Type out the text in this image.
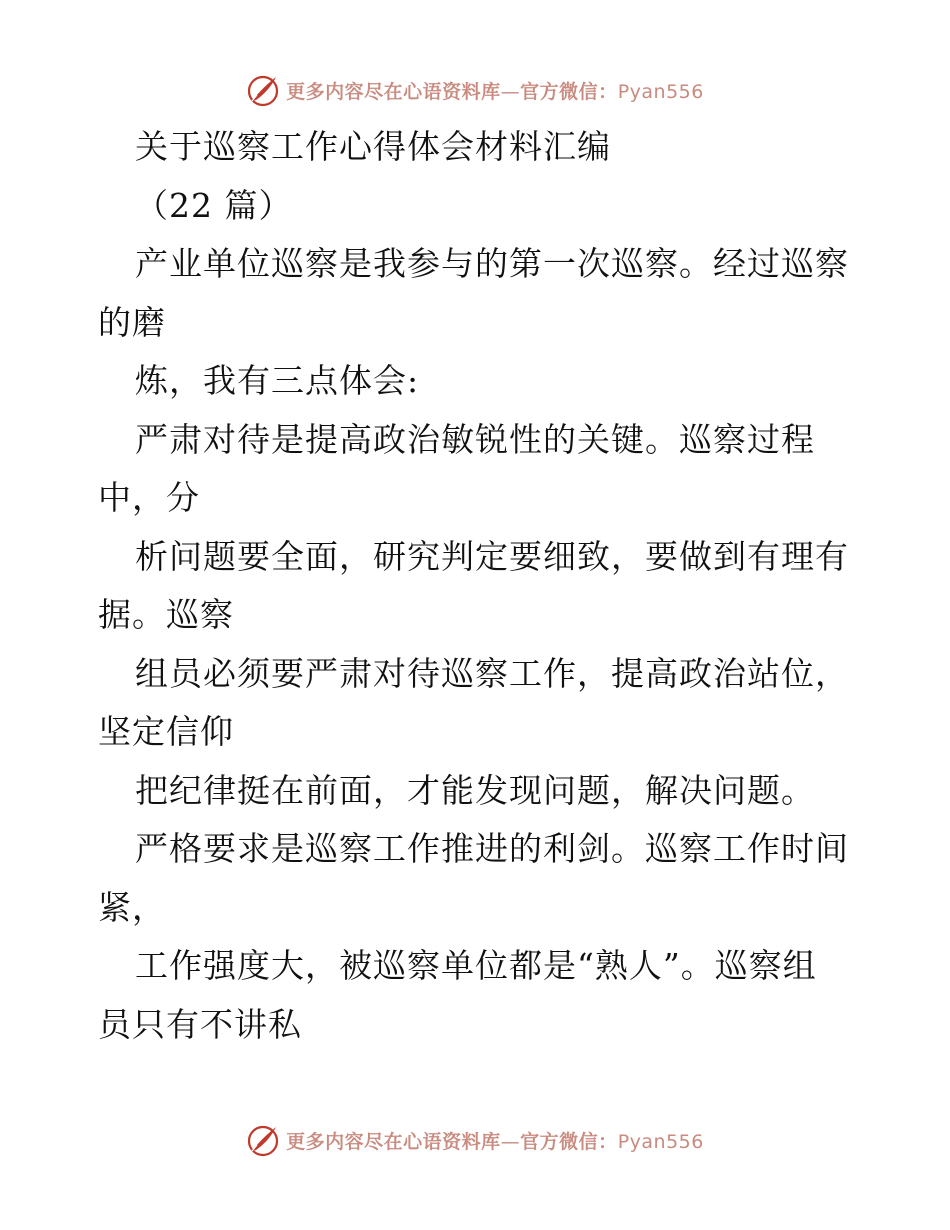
更多内容尽在心语资料库—官方微信：Pyan556
关于巡察工作心得体会材料汇编
（22 篇）
产业单位巡察是我参与的第一次巡察。经过巡察
的磨
炼，我有三点体会:
严肃对待是提高政治敏锐性的关键。巡察过程
中，分
析问题要全面，研究判定要细致，要做到有理有
据。巡察
组员必须要严肃对待巡察工作，提高政治站位，
坚定信仰
把纪律挺在前面，才能发现问题，解决问题。
严格要求是巡察工作推进的利剑。巡察工作时间
紧，
工作强度大，被巡察单位都是“熟人”。巡察组
员只有不讲私
更多内容尽在心语资料库—官方微信：Pyan556
